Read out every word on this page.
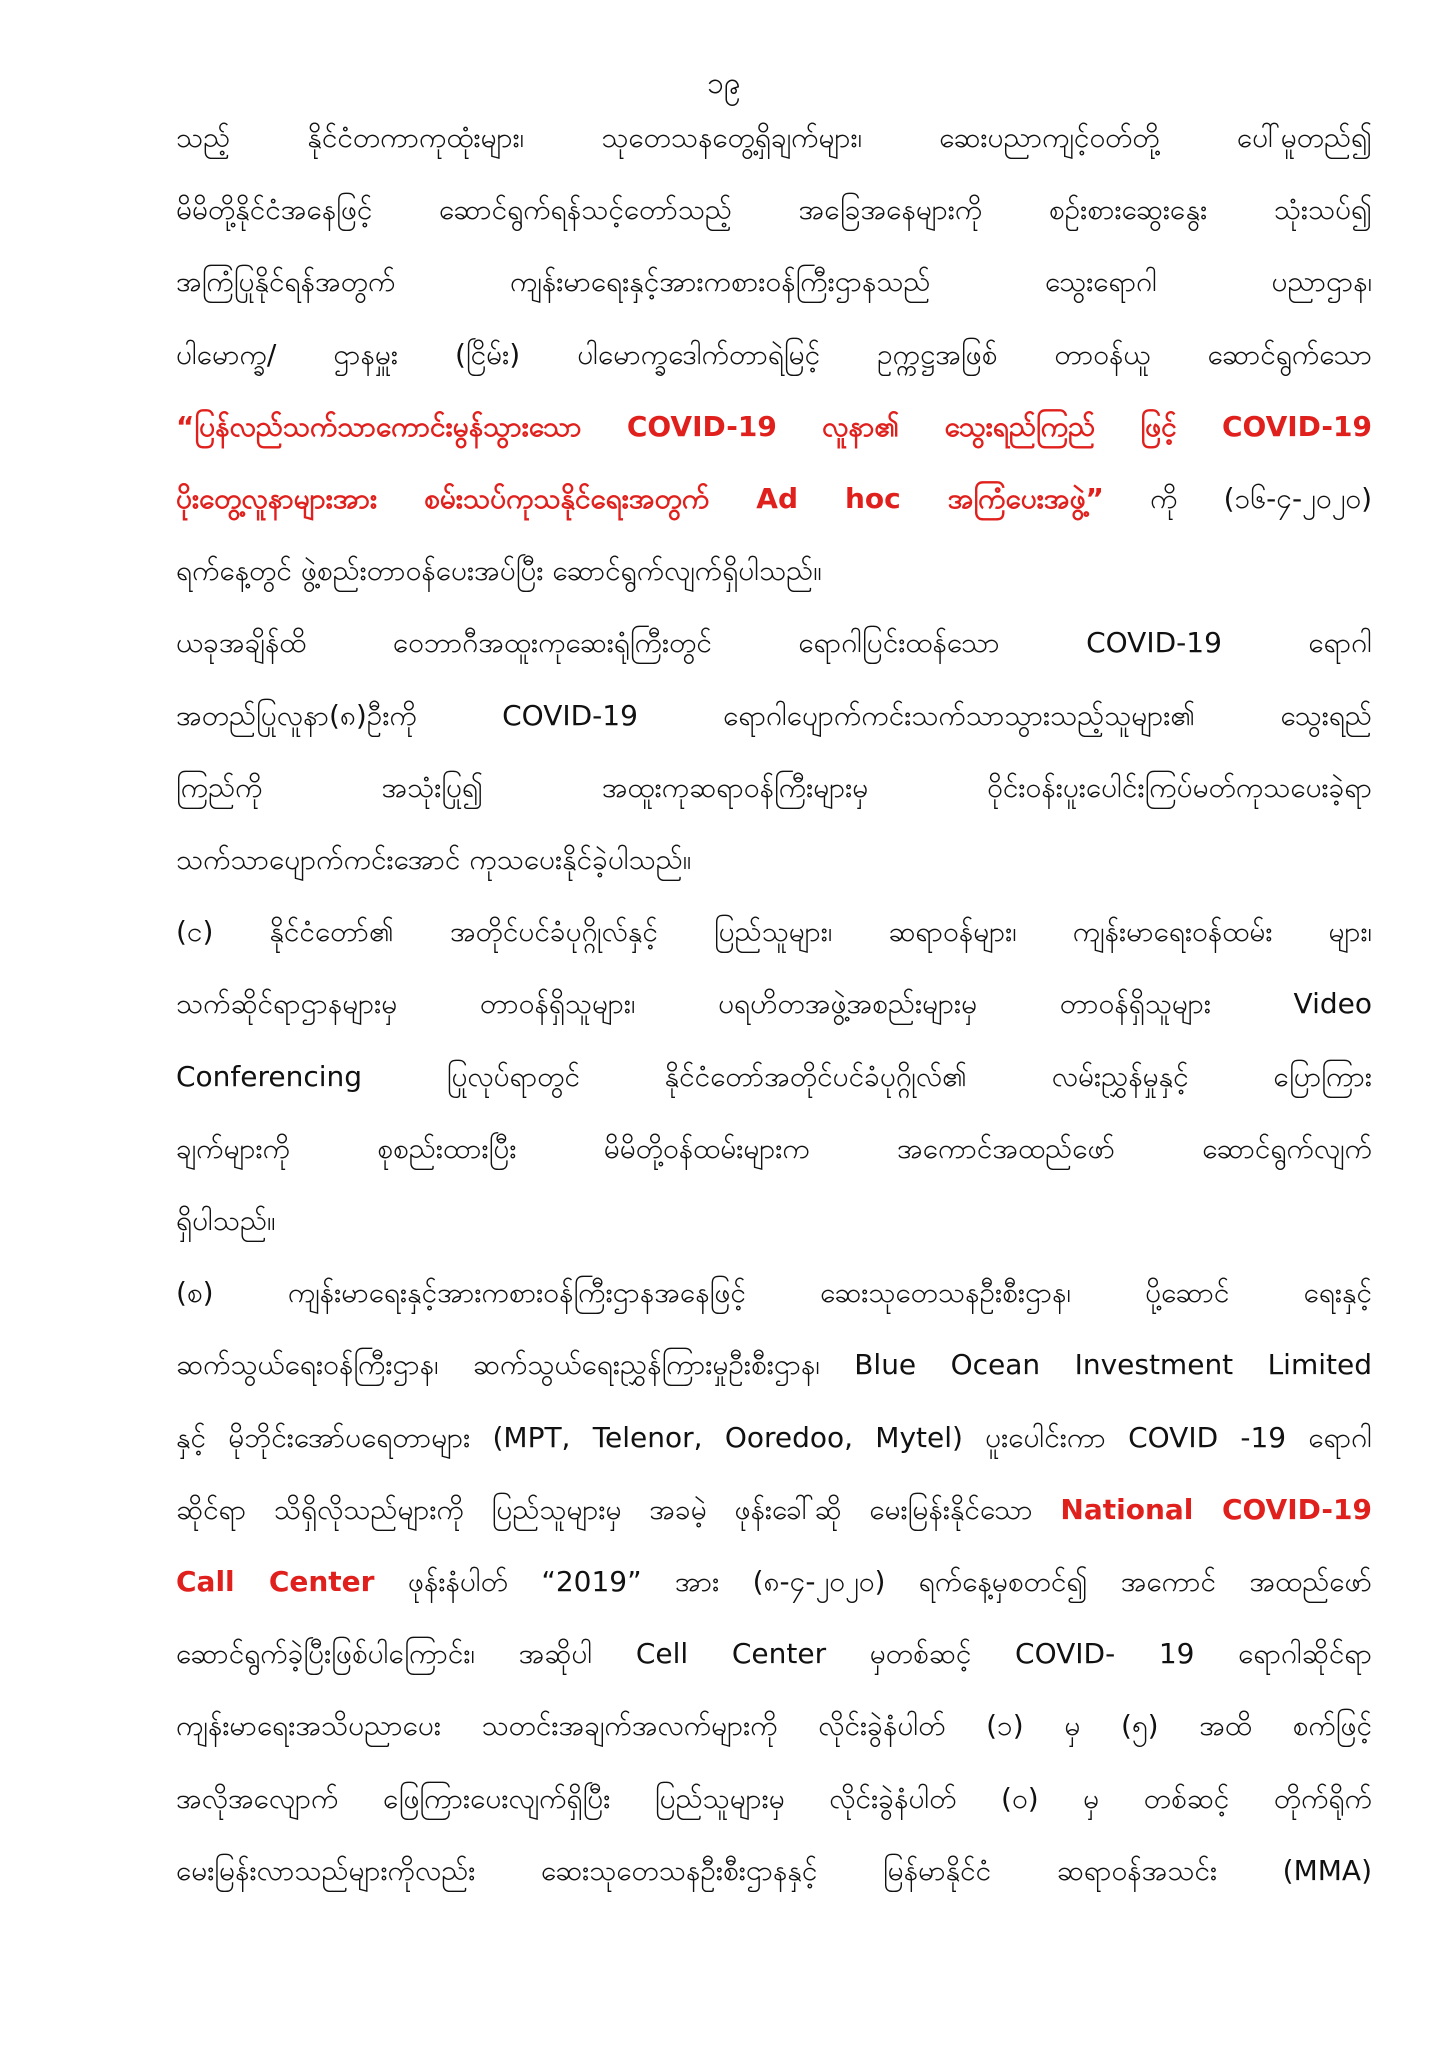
၁၉
သည့် နိုင်ငံတကာကုထုံးများ၊ သုတေသနတွေ့ရှိချက်များ၊ ဆေးပညာကျင့်ဝတ်တို့ ပေါ်မူတည်၍
မိမိတို့နိုင်ငံအနေဖြင့် ဆောင်ရွက်ရန်သင့်တော်သည့် အခြေအနေများကို စဉ်းစားဆွေးနွေး သုံးသပ်၍
အကြံပြုနိုင်ရန်အတွက် ကျန်းမာရေးနှင့်အားကစားဝန်ကြီးဌာနသည် သွေးရောဂါ ပညာဌာန၊
ပါမောက္ခ/ ဌာနမှူး (ငြိမ်း) ပါမောက္ခဒေါက်တာရဲမြင့် ဥက္ကဋ္ဌအဖြစ် တာဝန်ယူ ဆောင်ရွက်သော
“ပြန်လည်သက်သာကောင်းမွန်သွားသော COVID-19 လူနာ၏ သွေးရည်ကြည် ဖြင့် COVID-19
ပိုးတွေ့လူနာများအား စမ်းသပ်ကုသနိုင်ရေးအတွက် Ad hoc အကြံပေးအဖွဲ့” ကို (၁၆-၄-၂၀၂၀)
ရက်နေ့တွင် ဖွဲ့စည်းတာဝန်ပေးအပ်ပြီး ဆောင်ရွက်လျက်ရှိပါသည်။
ယခုအချိန်ထိ ဝေဘာဂီအထူးကုဆေးရုံကြီးတွင် ရောဂါပြင်းထန်သော COVID-19 ရောဂါ
အတည်ပြုလူနာ(၈)ဦးကို COVID-19 ရောဂါပျောက်ကင်းသက်သာသွားသည့်သူများ၏ သွေးရည်
ကြည်ကို အသုံးပြု၍ အထူးကုဆရာဝန်ကြီးများမှ ဝိုင်းဝန်းပူးပေါင်းကြပ်မတ်ကုသပေးခဲ့ရာ
သက်သာပျောက်ကင်းအောင် ကုသပေးနိုင်ခဲ့ပါသည်။
(င) နိုင်ငံတော်၏ အတိုင်ပင်ခံပုဂ္ဂိုလ်နှင့် ပြည်သူများ၊ ဆရာဝန်များ၊ ကျန်းမာရေးဝန်ထမ်း များ၊
သက်ဆိုင်ရာဌာနများမှ တာဝန်ရှိသူများ၊ ပရဟိတအဖွဲ့အစည်းများမှ တာဝန်ရှိသူများ Video
Conferencing ပြုလုပ်ရာတွင် နိုင်ငံတော်အတိုင်ပင်ခံပုဂ္ဂိုလ်၏ လမ်းညွှန်မှုနှင့် ပြောကြား
ချက်များကို စုစည်းထားပြီး မိမိတို့ဝန်ထမ်းများက အကောင်အထည်ဖော် ဆောင်ရွက်လျက်
ရှိပါသည်။
(စ) ကျန်းမာရေးနှင့်အားကစားဝန်ကြီးဌာနအနေဖြင့် ဆေးသုတေသနဦးစီးဌာန၊ ပို့ဆောင် ရေးနှင့်
ဆက်သွယ်ရေးဝန်ကြီးဌာန၊ ဆက်သွယ်ရေးညွှန်ကြားမှုဦးစီးဌာန၊ Blue Ocean Investment Limited
နှင့် မိုဘိုင်းအော်ပရေတာများ (MPT, Telenor, Ooredoo, Mytel) ပူးပေါင်းကာ COVID -19 ရောဂါ
ဆိုင်ရာ သိရှိလိုသည်များကို ပြည်သူများမှ အခမဲ့ ဖုန်းခေါ်ဆို မေးမြန်းနိုင်သော National COVID-19
Call Center ဖုန်းနံပါတ် “2019” အား (၈-၄-၂၀၂၀) ရက်နေ့မှစတင်၍ အကောင် အထည်ဖော်
ဆောင်ရွက်ခဲ့ပြီးဖြစ်ပါကြောင်း၊ အဆိုပါ Cell Center မှတစ်ဆင့် COVID- 19 ရောဂါဆိုင်ရာ
ကျန်းမာရေးအသိပညာပေး သတင်းအချက်အလက်များကို လိုင်းခွဲနံပါတ် (၁) မှ (၅) အထိ စက်ဖြင့်
အလိုအလျောက် ဖြေကြားပေးလျက်ရှိပြီး ပြည်သူများမှ လိုင်းခွဲနံပါတ် (၀) မှ တစ်ဆင့် တိုက်ရိုက်
မေးမြန်းလာသည်များကိုလည်း ဆေးသုတေသနဦးစီးဌာနနှင့် မြန်မာနိုင်ငံ ဆရာဝန်အသင်း (MMA)
